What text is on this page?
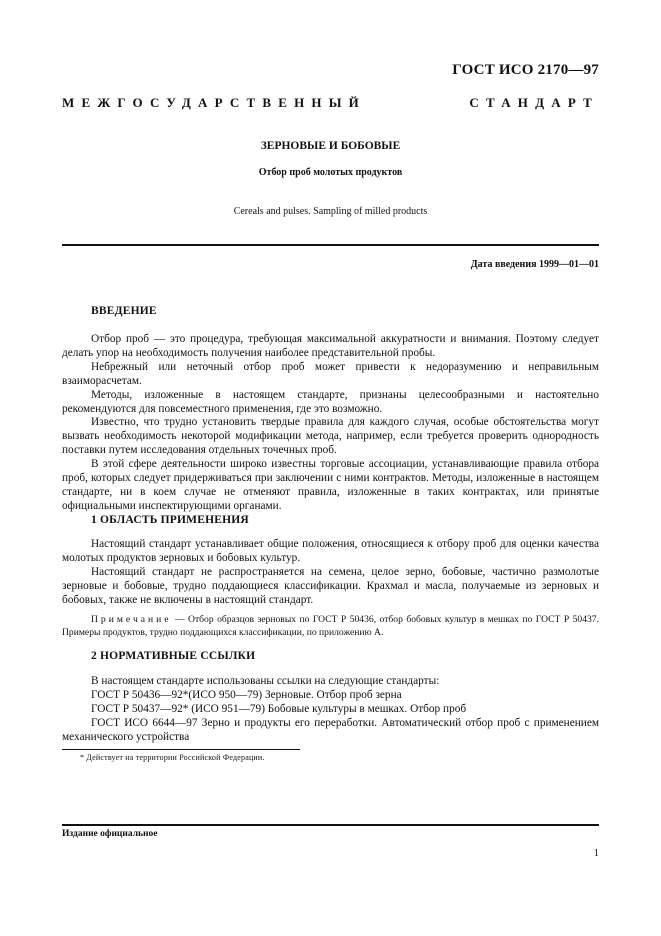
ГОСТ ИСО 2170—97
МЕЖГОСУДАРСТВЕННЫЙ СТАНДАРТ
ЗЕРНОВЫЕ И БОБОВЫЕ
Отбор проб молотых продуктов
Cereals and pulses. Sampling of milled products
Дата введения 1999—01—01
ВВЕДЕНИЕ

Отбор проб — это процедура, требующая максимальной аккуратности и внимания. Поэтому следует делать упор на необходимость получения наиболее представительной пробы.

Небрежный или неточный отбор проб может привести к недоразумению и неправильным взаиморасчетам.

Методы, изложенные в настоящем стандарте, признаны целесообразными и настоятельно рекомендуются для повсеместного применения, где это возможно.

Известно, что трудно установить твердые правила для каждого случая, особые обстоятельства могут вызвать необходимость некоторой модификации метода, например, если требуется проверить однородность поставки путем исследования отдельных точечных проб.

В этой сфере деятельности широко известны торговые ассоциации, устанавливающие правила отбора проб, которых следует придерживаться при заключении с ними контрактов. Методы, изложенные в настоящем стандарте, ни в коем случае не отменяют правила, изложенные в таких контрактах, или принятые официальными инспектирующими органами.

1 ОБЛАСТЬ ПРИМЕНЕНИЯ

Настоящий стандарт устанавливает общие положения, относящиеся к отбору проб для оценки качества молотых продуктов зерновых и бобовых культур.

Настоящий стандарт не распространяется на семена, целое зерно, бобовые, частично размолотые зерновые и бобовые, трудно поддающиеся классификации. Крахмал и масла, получаемые из зерновых и бобовых, также не включены в настоящий стандарт.

Примечание — Отбор образцов зерновых по ГОСТ Р 50436, отбор бобовых культур в мешках по ГОСТ Р 50437. Примеры продуктов, трудно поддающихся классификации, по приложению А.

2 НОРМАТИВНЫЕ ССЫЛКИ

В настоящем стандарте использованы ссылки на следующие стандарты:

ГОСТ Р 50436—92*(ИСО 950—79) Зерновые. Отбор проб зерна

ГОСТ Р 50437—92* (ИСО 951—79) Бобовые культуры в мешках. Отбор проб

ГОСТ ИСО 6644—97 Зерно и продукты его переработки. Автоматический отбор проб с применением механического устройства

* Действует на территории Российской Федерации.
Издание официальное
1
